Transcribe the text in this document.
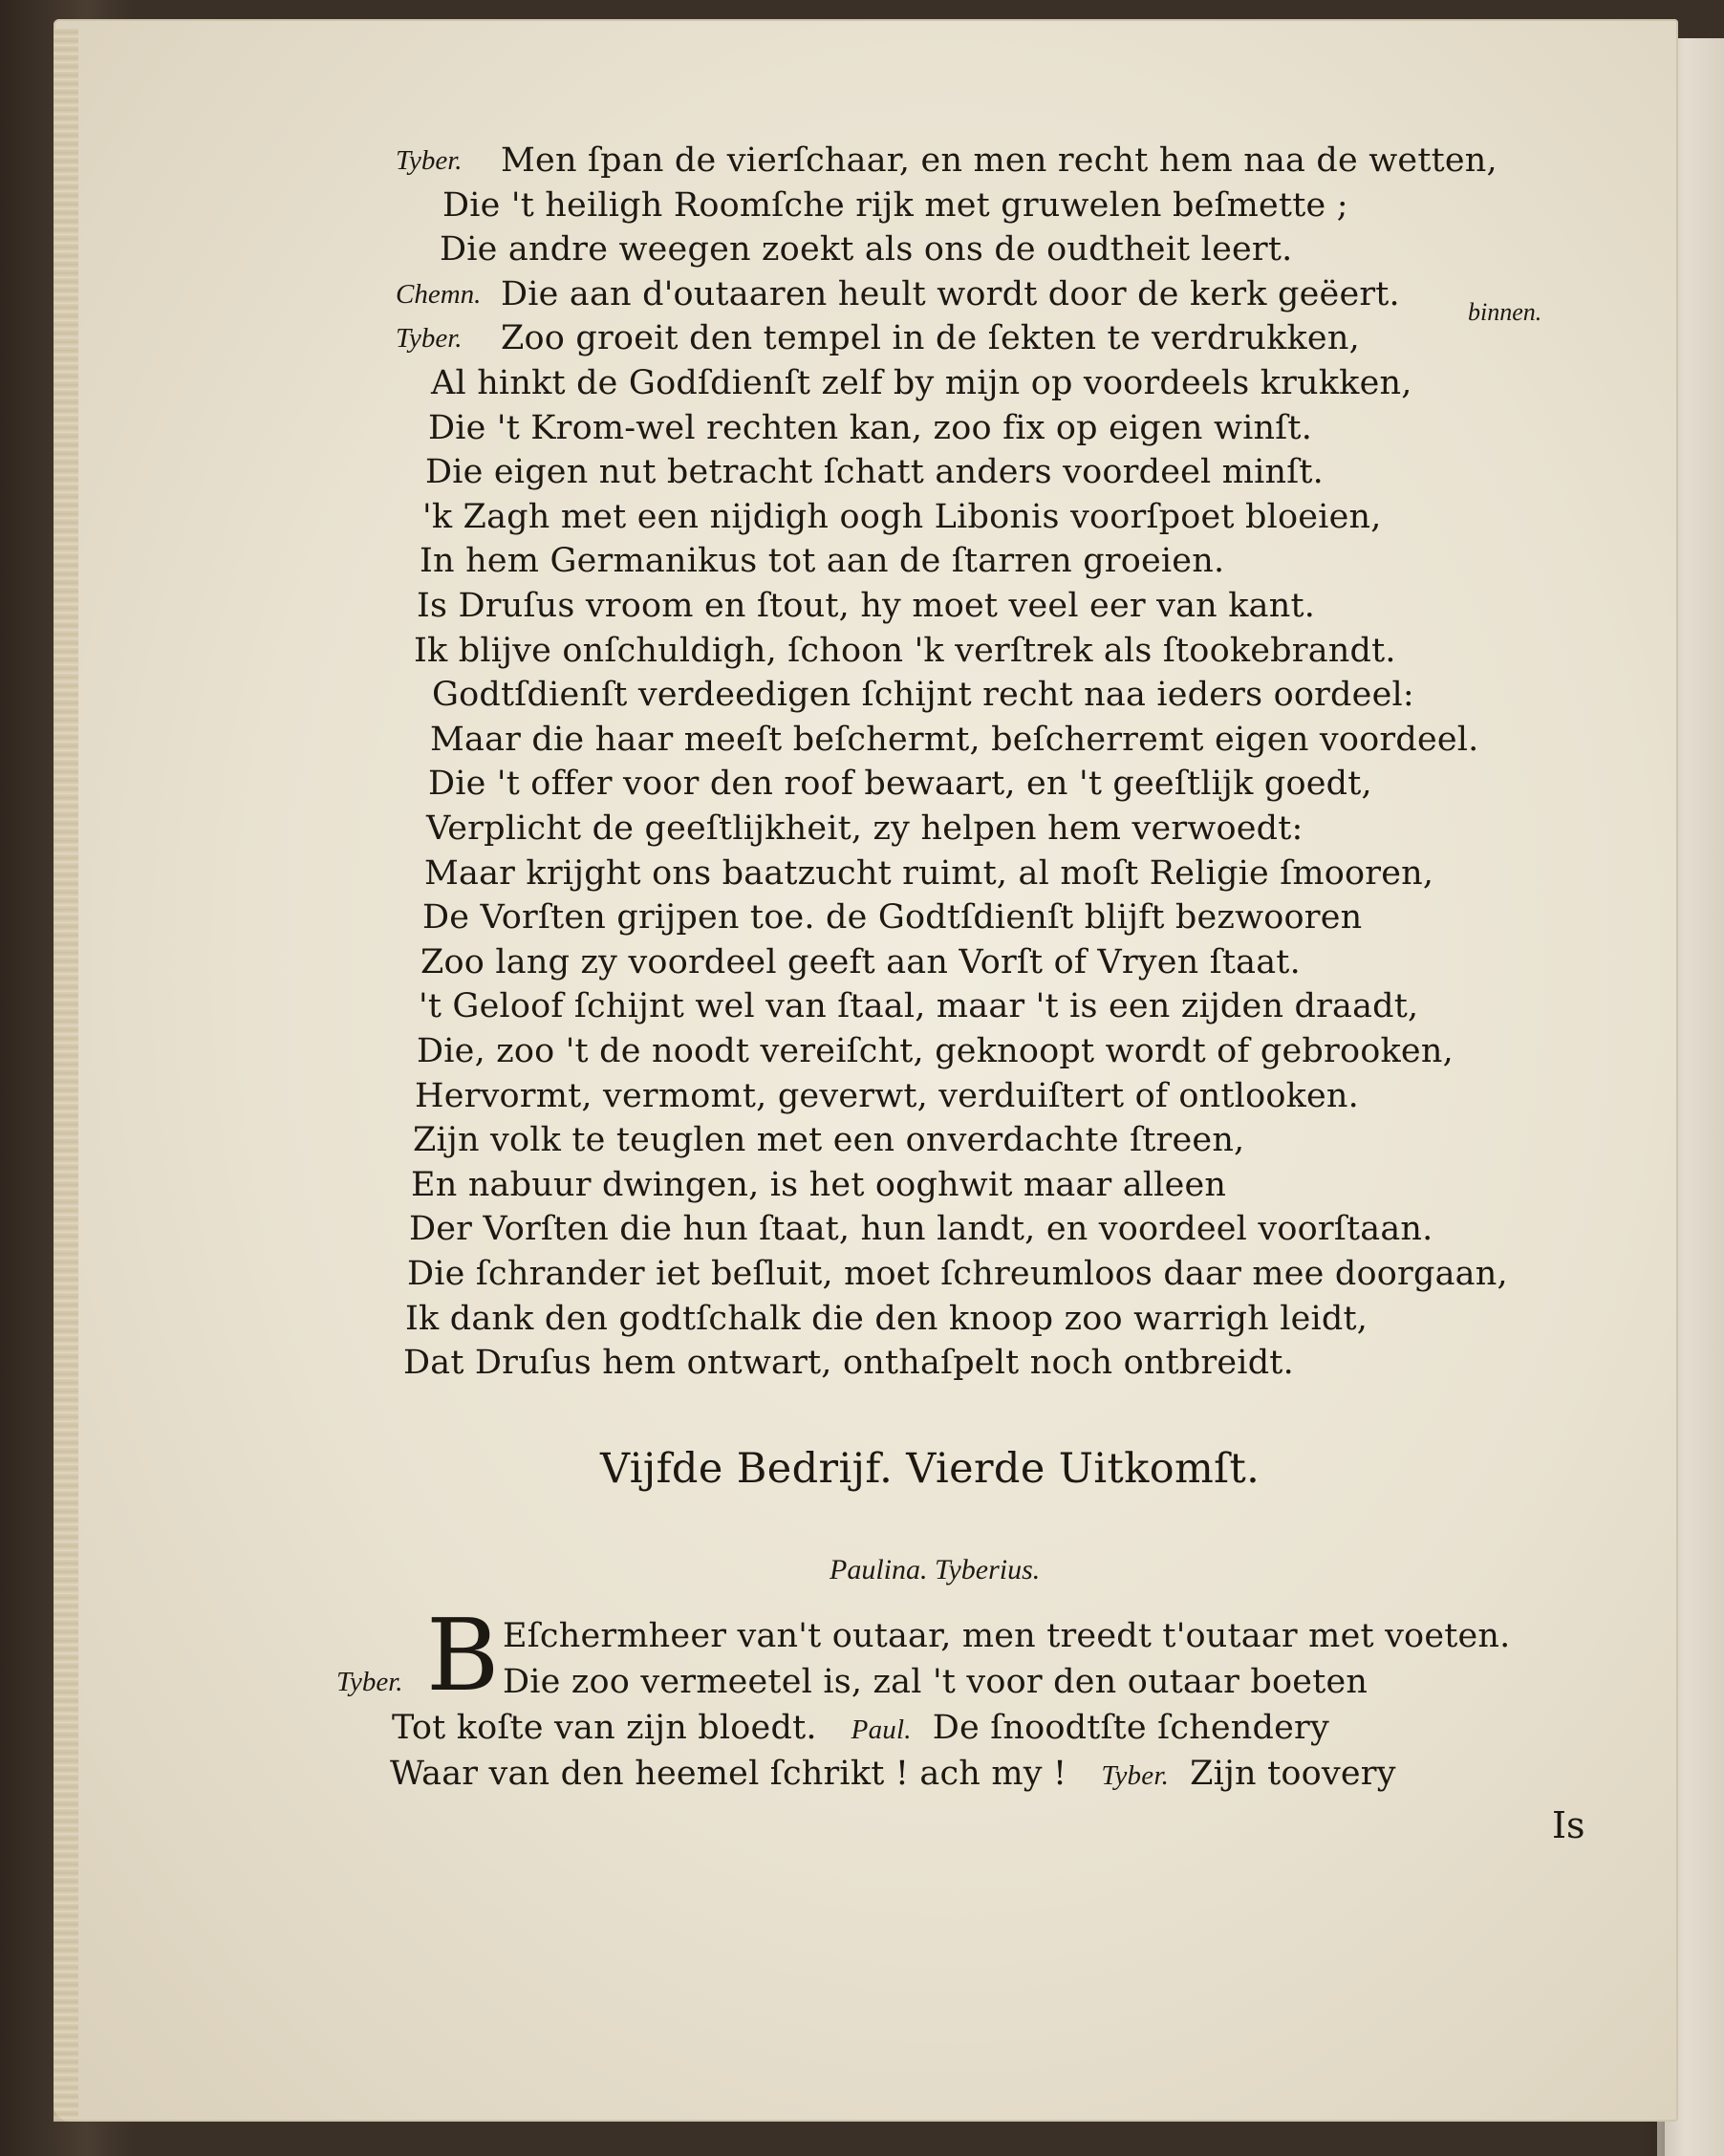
Tyber. Men ſpan de vierſchaar, en men recht hem naa de wetten,
Die 't heiligh Roomſche rijk met gruwelen beſmette ;
Die andre weegen zoekt als ons de oudtheit leert.
Chemn. Die aan d'outaaren heult wordt door de kerk geëert.
Tyber. Zoo groeit den tempel in de ſekten te verdrukken,
Al hinkt de Godſdienſt zelf by mijn op voordeels krukken,
Die 't Krom-wel rechten kan, zoo fix op eigen winſt.
Die eigen nut betracht ſchatt anders voordeel minſt.
'k Zagh met een nijdigh oogh Libonis voorſpoet bloeien,
In hem Germanikus tot aan de ſtarren groeien.
Is Druſus vroom en ſtout, hy moet veel eer van kant.
Ik blijve onſchuldigh, ſchoon 'k verſtrek als ſtookebrandt.
Godtſdienſt verdeedigen ſchijnt recht naa ieders oordeel:
Maar die haar meeſt beſchermt, beſcherremt eigen voordeel.
Die 't offer voor den roof bewaart, en 't geeſtlijk goedt,
Verplicht de geeſtlijkheit, zy helpen hem verwoedt:
Maar krijght ons baatzucht ruimt, al moſt Religie ſmooren,
De Vorſten grijpen toe. de Godtſdienſt blijft bezwooren
Zoo lang zy voordeel geeft aan Vorſt of Vryen ſtaat.
't Geloof ſchijnt wel van ſtaal, maar 't is een zijden draadt,
Die, zoo 't de noodt vereiſcht, geknoopt wordt of gebrooken,
Hervormt, vermomt, geverwt, verduiſtert of ontlooken.
Zijn volk te teuglen met een onverdachte ſtreen,
En nabuur dwingen, is het ooghwit maar alleen
Der Vorſten die hun ſtaat, hun landt, en voordeel voorſtaan.
Die ſchrander iet beſluit, moet ſchreumloos daar mee doorgaan,
Ik dank den godtſchalk die den knoop zoo warrigh leidt,
Dat Druſus hem ontwart, onthaſpelt noch ontbreidt.
binnen.
Vijfde Bedrijf. Vierde Uitkomſt.
Paulina. Tyberius.
B Eſchermheer van't outaar, men treedt t'outaar met voeten.
Tyber.	Die zoo vermeetel is, zal 't voor den outaar boeten
Tot koſte van zijn bloedt. Paul. De ſnoodtſte ſchendery
Waar van den heemel ſchrikt ! ach my ! Tyber. Zijn toovery
Is
